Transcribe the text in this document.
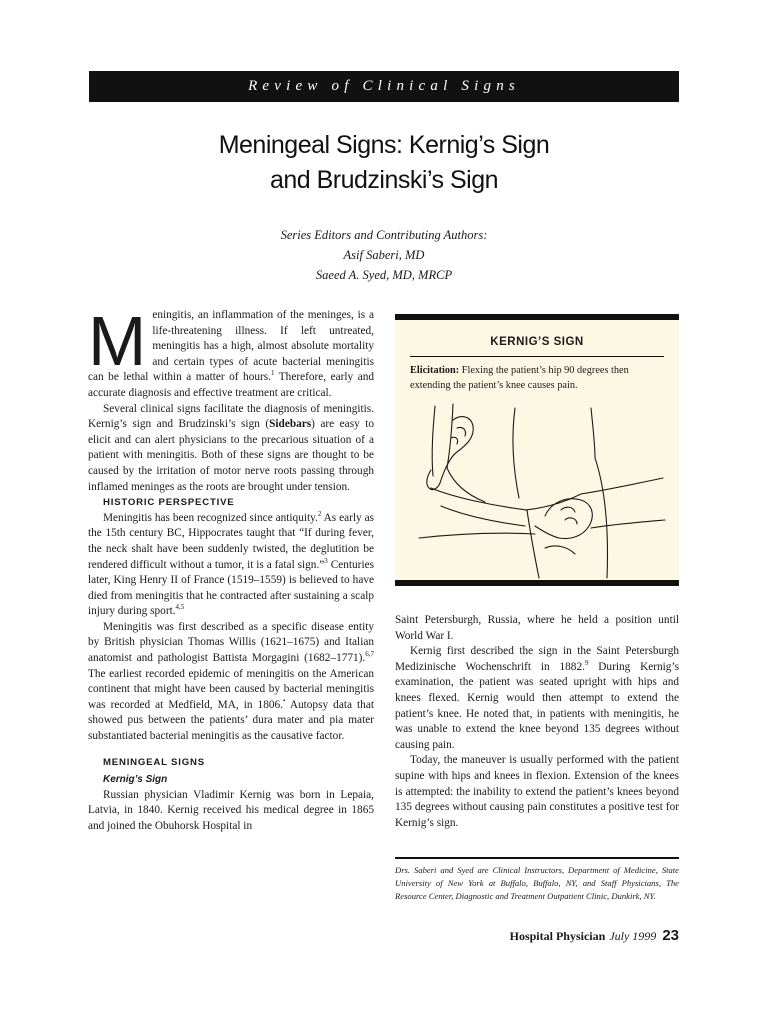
Review of Clinical Signs
Meningeal Signs: Kernig’s Sign
and Brudzinski’s Sign
Series Editors and Contributing Authors:
Asif Saberi, MD
Saeed A. Syed, MD, MRCP

Meningitis, an inflammation of the meninges, is a life-threatening illness. If left untreated, meningitis has a high, almost absolute mortality and certain types of acute bacterial meningitis can be lethal within a matter of hours.$^1$ Therefore, early and accurate diagnosis and effective treatment are critical.

Several clinical signs facilitate the diagnosis of meningitis. Kernig’s sign and Brudzinski’s sign (Sidebars) are easy to elicit and can alert physicians to the precarious situation of a patient with meningitis. Both of these signs are thought to be caused by the irritation of motor nerve roots passing through inflamed meninges as the roots are brought under tension.

HISTORIC PERSPECTIVE

Meningitis has been recognized since antiquity.$^2$ As early as the 15th century BC, Hippocrates taught that “If during fever, the neck shalt have been suddenly twisted, the deglutition be rendered difficult without a tumor, it is a fatal sign.”$^3$ Centuries later, King Henry II of France (1519–1559) is believed to have died from meningitis that he contracted after sustaining a scalp injury during sport.$^{4,5}$

Meningitis was first described as a specific disease entity by British physician Thomas Willis (1621–1675) and Italian anatomist and pathologist Battista Morgagini (1682–1771).$^{6,7}$ The earliest recorded epidemic of meningitis on the American continent that might have been caused by bacterial meningitis was recorded at Medfield, MA, in 1806.• Autopsy data that showed pus between the patients’ dura mater and pia mater substantiated bacterial meningitis as the causative factor.

MENINGEAL SIGNS

Kernig’s Sign

Russian physician Vladimir Kernig was born in Lepaia, Latvia, in 1840. Kernig received his medical degree in 1865 and joined the Obuhorsk Hospital in

KERNIG’S SIGN
Elicitation: Flexing the patient’s hip 90 degrees then extending the patient’s knee causes pain.

Saint Petersburgh, Russia, where he held a position until World War I.

Kernig first described the sign in the Saint Petersburgh Medizinische Wochenschrift in 1882.$^9$ During Kernig’s examination, the patient was seated upright with hips and knees flexed. Kernig would then attempt to extend the patient’s knee. He noted that, in patients with meningitis, he was unable to extend the knee beyond 135 degrees without causing pain.

Today, the maneuver is usually performed with the patient supine with hips and knees in flexion. Extension of the knees is attempted: the inability to extend the patient’s knees beyond 135 degrees without causing pain constitutes a positive test for Kernig’s sign.

Drs. Saberi and Syed are Clinical Instructors, Department of Medicine, State University of New York at Buffalo, Buffalo, NY, and Staff Physicians, The Resource Center, Diagnostic and Treatment Outpatient Clinic, Dunkirk, NY.
Hospital Physician July 1999 23
